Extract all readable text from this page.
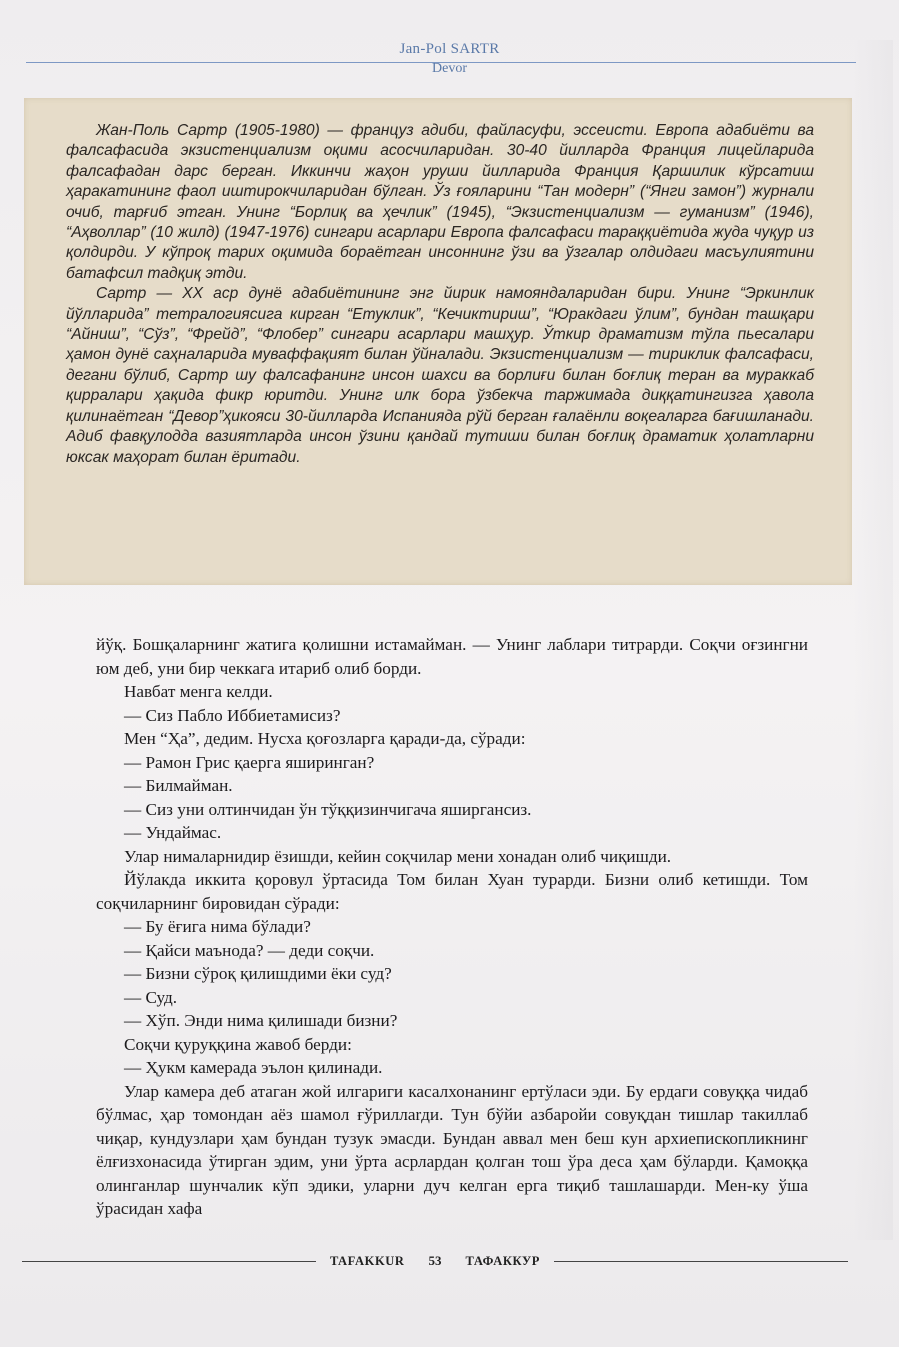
Jan-Pol SARTR
Devor

Жан-Поль Сартр (1905-1980) — француз адиби, файласуфи, эссеисти. Европа адабиёти ва фалсафасида экзистенциализм оқими асосчиларидан. 30-40 йилларда Франция лицейларида фалсафадан дарс берган. Иккинчи жаҳон уруши йилларида Франция Қаршилик кўрсатиш ҳаракатининг фаол иштирокчиларидан бўлган. Ўз ғояларини “Тан модерн” (“Янги замон”) журнали очиб, тарғиб этган. Унинг “Борлиқ ва ҳечлик” (1945), “Экзистенциализм — гуманизм” (1946), “Аҳволлар” (10 жилд) (1947-1976) сингари асарлари Европа фалсафаси тараққиётида жуда чуқур из қолдирди. У кўпроқ тарих оқимида бораётган инсоннинг ўзи ва ўзгалар олдидаги масъулиятини батафсил тадқиқ этди.

Сартр — ХХ аср дунё адабиётининг энг йирик намояндаларидан бири. Унинг “Эркинлик йўлларида” тетралогиясига кирган “Етуклик”, “Кечиктириш”, “Юракдаги ўлим”, бундан ташқари “Айниш”, “Сўз”, “Фрейд”, “Флобер” сингари асарлари машҳур. Ўткир драматизм тўла пьесалари ҳамон дунё саҳналарида муваффақият билан ўйналади. Экзистенциализм — тириклик фалсафаси, дегани бўлиб, Сартр шу фалсафанинг инсон шахси ва борлиғи билан боғлиқ теран ва мураккаб қирралари ҳақида фикр юритди. Унинг илк бора ўзбекча таржимада диққатингизга ҳавола қилинаётган “Девор”ҳикояси 30-йилларда Испанияда рўй берган ғалаёнли воқеаларга бағишланади. Адиб фавқулодда вазиятларда инсон ўзини қандай тутиши билан боғлиқ драматик ҳолатларни юксак маҳорат билан ёритади.

йўқ. Бошқаларнинг жатига қолишни истамайман. — Унинг лаблари титрарди. Соқчи оғзингни юм деб, уни бир чеккага итариб олиб борди.

Навбат менга келди.

— Сиз Пабло Иббиетамисиз?

Мен “Ҳа”, дедим. Нусха қоғозларга қаради-да, сўради:

— Рамон Грис қаерга яширинган?

— Билмайман.

— Сиз уни олтинчидан ўн тўққизинчигача яширгансиз.

— Ундаймас.

Улар нималарнидир ёзишди, кейин соқчилар мени хонадан олиб чиқишди.

Йўлакда иккита қоровул ўртасида Том билан Хуан турарди. Бизни олиб кетишди. Том соқчиларнинг бировидан сўради:

— Бу ёғига нима бўлади?

— Қайси маънода? — деди соқчи.

— Бизни сўроқ қилишдими ёки суд?

— Суд.

— Хўп. Энди нима қилишади бизни?

Соқчи қуруққина жавоб берди:

— Ҳукм камерада эълон қилинади.

Улар камера деб атаган жой илгариги касалхонанинг ертўласи эди. Бу ердаги совуққа чидаб бўлмас, ҳар томондан аёз шамол ғўриллarди. Тун бўйи азбаройи совуқдан тишлар такиллаб чиқар, кундузлари ҳам бундан тузук эмасди. Бундан аввал мен беш кун архиепископликнинг ёлғизхонасида ўтирган эдим, уни ўрта асрлардан қолган тош ўра деса ҳам бўларди. Қамоққа олинганлар шунчалик кўп эдики, уларни дуч келган ерга тиқиб ташлашарди. Мен-ку ўша ўрасидан хафа

TAFAKKUR	53	ТАФАККУР
